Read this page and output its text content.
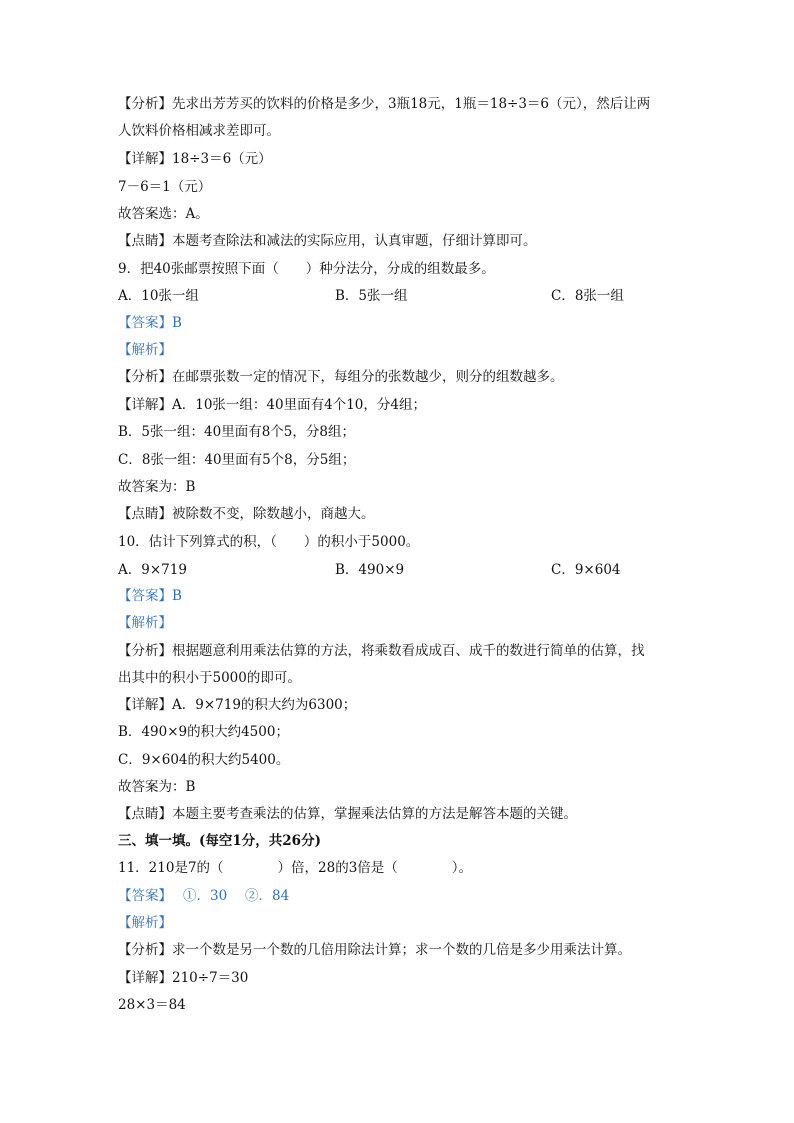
【分析】先求出芳芳买的饮料的价格是多少，3瓶18元，1瓶＝18÷3＝6（元），然后让两
人饮料价格相减求差即可。
【详解】18÷3＝6（元）
7－6＝1（元）
故答案选：A。
【点睛】本题考查除法和减法的实际应用，认真审题，仔细计算即可。
9．把40张邮票按照下面（　　）种分法分，分成的组数最多。
A．10张一组	B．5张一组	C．8张一组
【答案】B
【解析】
【分析】在邮票张数一定的情况下，每组分的张数越少，则分的组数越多。
【详解】A．10张一组：40里面有4个10，分4组；
B．5张一组：40里面有8个5，分8组；
C．8张一组：40里面有5个8，分5组；
故答案为：B
【点睛】被除数不变，除数越小，商越大。
10．估计下列算式的积，（　　）的积小于5000。
A．9×719	B．490×9	C．9×604
【答案】B
【解析】
【分析】根据题意利用乘法估算的方法，将乘数看成成百、成千的数进行简单的估算，找
出其中的积小于5000的即可。
【详解】A．9×719的积大约为6300；
B．490×9的积大约4500；
C．9×604的积大约5400。
故答案为：B
【点睛】本题主要考查乘法的估算，掌握乘法估算的方法是解答本题的关键。
三、填一填。(每空1分，共26分)
11．210是7的（　　　　）倍，28的3倍是（　　　　）。
【答案】　 ①．30　 ②．84
【解析】
【分析】求一个数是另一个数的几倍用除法计算；求一个数的几倍是多少用乘法计算。
【详解】210÷7＝30
28×3＝84
